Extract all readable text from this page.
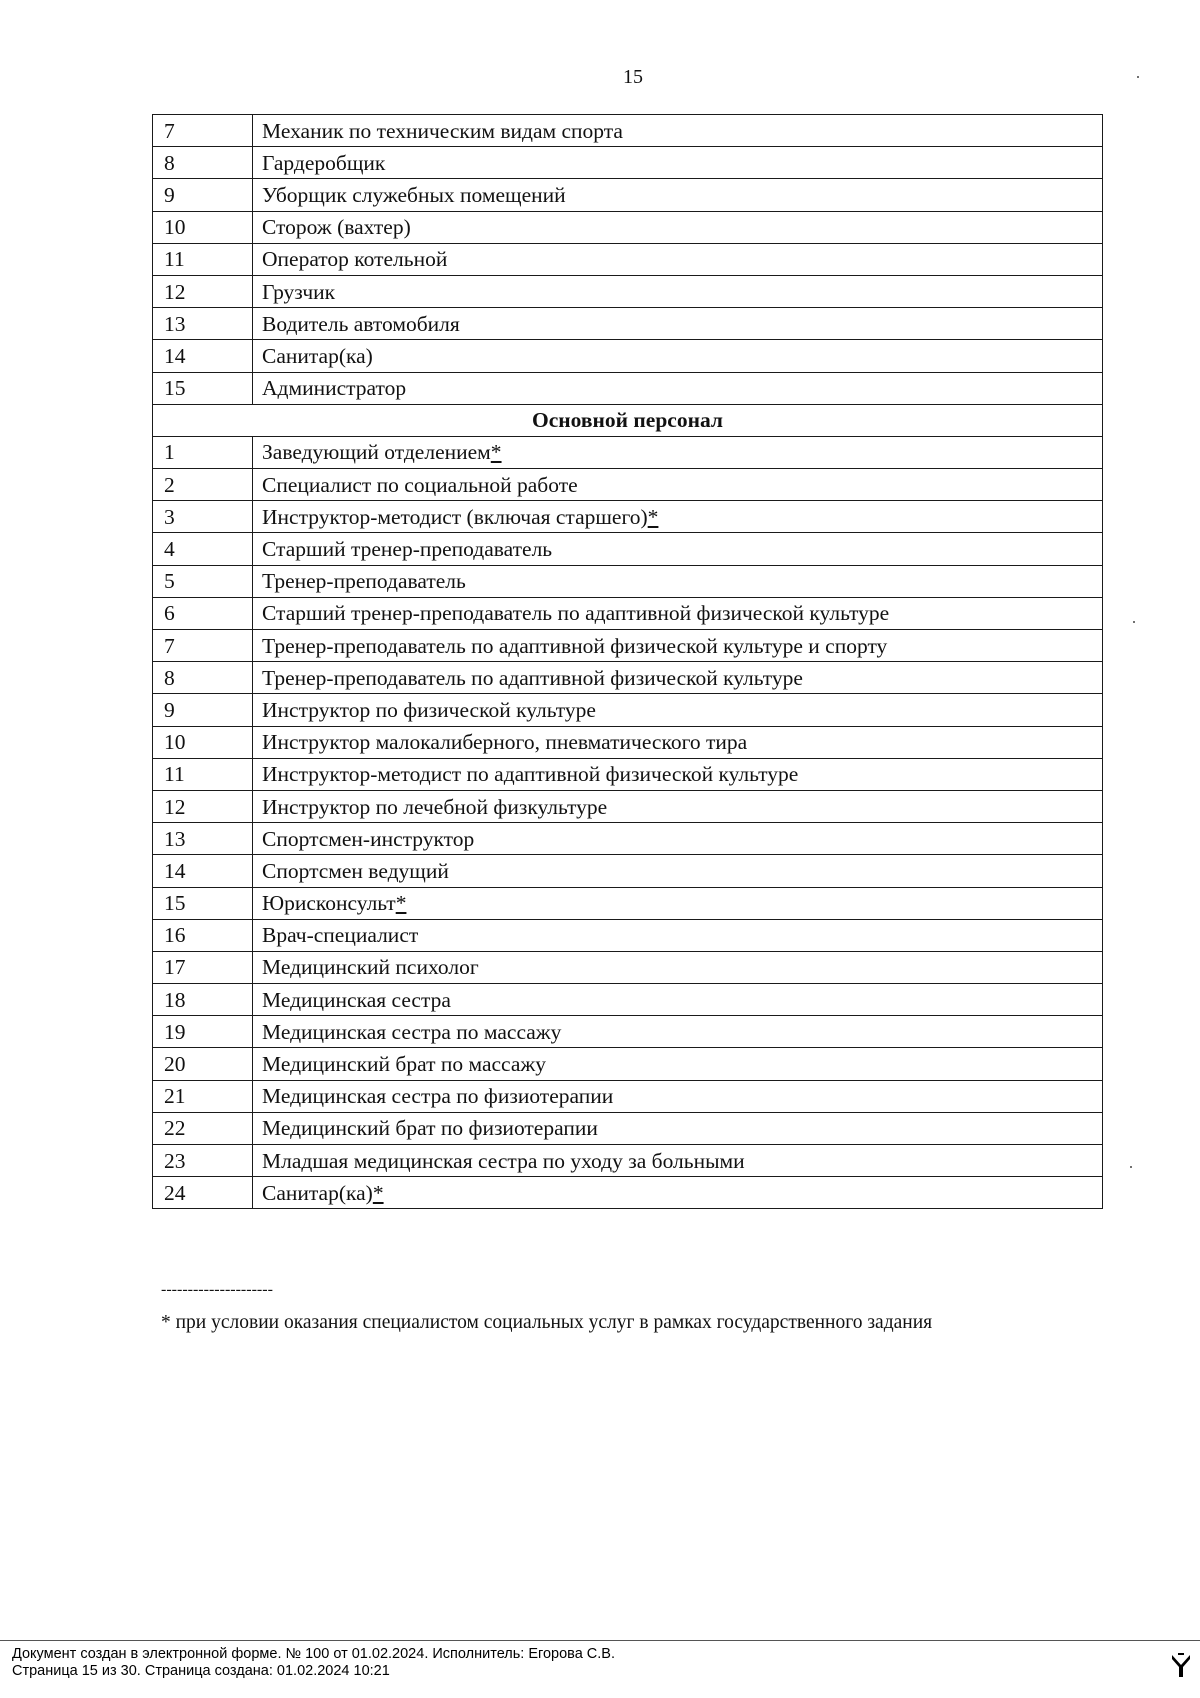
15
7	Механик по техническим видам спорта
8	Гардеробщик
9	Уборщик служебных помещений
10	Сторож (вахтер)
11	Оператор котельной
12	Грузчик
13	Водитель автомобиля
14	Санитар(ка)
15	Администратор
Основной персонал	
1	Заведующий отделением*
2	Специалист по социальной работе
3	Инструктор-методист (включая старшего)*
4	Старший тренер-преподаватель
5	Тренер-преподаватель
6	Старший тренер-преподаватель по адаптивной физической культуре
7	Тренер-преподаватель по адаптивной физической культуре и спорту
8	Тренер-преподаватель по адаптивной физической культуре
9	Инструктор по физической культуре
10	Инструктор малокалиберного, пневматического тира
11	Инструктор-методист по адаптивной физической культуре
12	Инструктор по лечебной физкультуре
13	Спортсмен-инструктор
14	Спортсмен ведущий
15	Юрисконсульт*
16	Врач-специалист
17	Медицинский психолог
18	Медицинская сестра
19	Медицинская сестра по массажу
20	Медицинский брат по массажу
21	Медицинская сестра по физиотерапии
22	Медицинский брат по физиотерапии
23	Младшая медицинская сестра по уходу за больными
24	Санитар(ка)*
---------------------
* при условии оказания специалистом социальных услуг в рамках государственного задания
Документ создан в электронной форме. № 100 от 01.02.2024. Исполнитель: Егорова С.В.
Страница 15 из 30. Страница создана: 01.02.2024 10:21
